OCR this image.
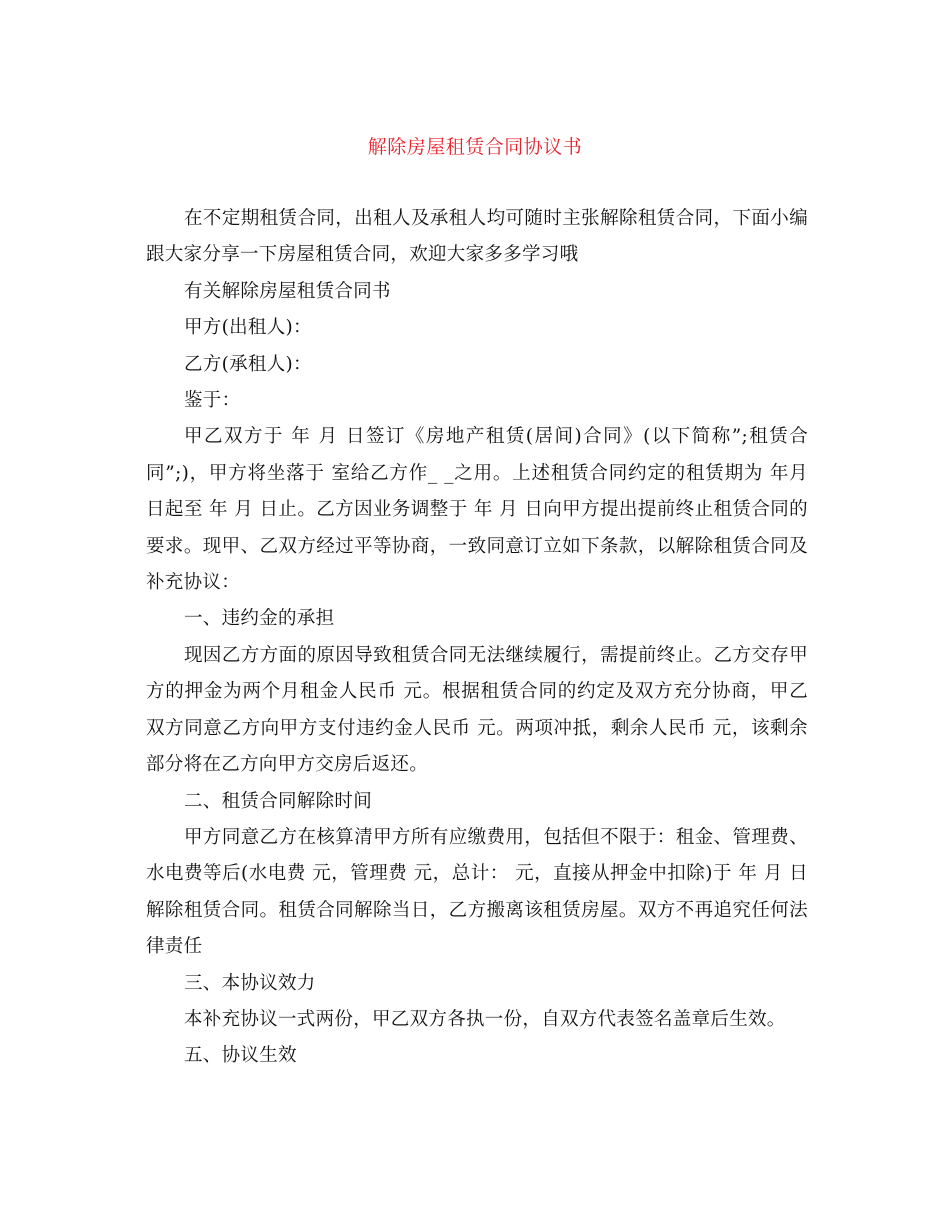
解除房屋租赁合同协议书

在不定期租赁合同，出租人及承租人均可随时主张解除租赁合同，下面小编跟大家分享一下房屋租赁合同，欢迎大家多多学习哦

有关解除房屋租赁合同书

甲方(出租人)：

乙方(承租人)：

鉴于：

甲乙双方于 年 月 日签订《房地产租赁(居间)合同》(以下简称”;租赁合同”;)，甲方将坐落于 室给乙方作_ _之用。上述租赁合同约定的租赁期为 年月日起至 年 月 日止。乙方因业务调整于 年 月 日向甲方提出提前终止租赁合同的要求。现甲、乙双方经过平等协商，一致同意订立如下条款，以解除租赁合同及补充协议：

一、违约金的承担

现因乙方方面的原因导致租赁合同无法继续履行，需提前终止。乙方交存甲方的押金为两个月租金人民币 元。根据租赁合同的约定及双方充分协商，甲乙双方同意乙方向甲方支付违约金人民币 元。两项冲抵，剩余人民币 元，该剩余部分将在乙方向甲方交房后返还。

二、租赁合同解除时间

甲方同意乙方在核算清甲方所有应缴费用，包括但不限于：租金、管理费、水电费等后(水电费 元，管理费 元，总计： 元，直接从押金中扣除)于 年 月 日解除租赁合同。租赁合同解除当日，乙方搬离该租赁房屋。双方不再追究任何法律责任

三、本协议效力

本补充协议一式两份，甲乙双方各执一份，自双方代表签名盖章后生效。

五、协议生效
